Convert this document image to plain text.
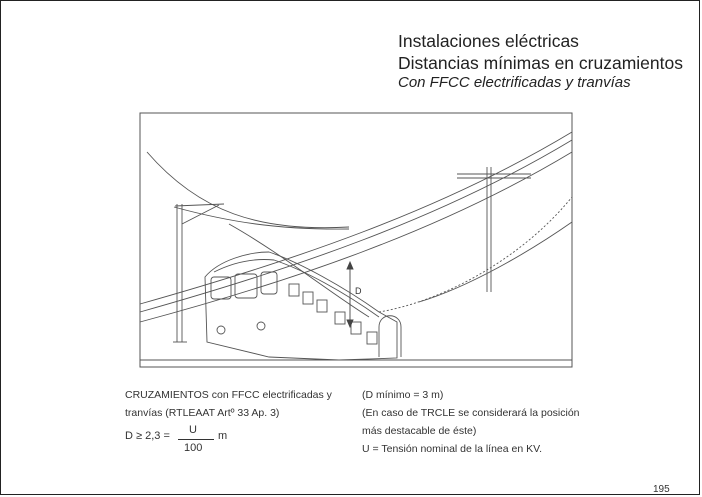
Instalaciones eléctricas
Distancias mínimas en cruzamientos
Con FFCC electrificadas y tranvías
D
CRUZAMIENTOS con FFCC electrificadas y
tranvías (RTLEAAT Artº 33 Ap. 3)
D ≥ 2,3 = U
100
m
(D mínimo = 3 m)
(En caso de TRCLE se considerará la posición
más destacable de éste)
U = Tensión nominal de la línea en KV.
195
